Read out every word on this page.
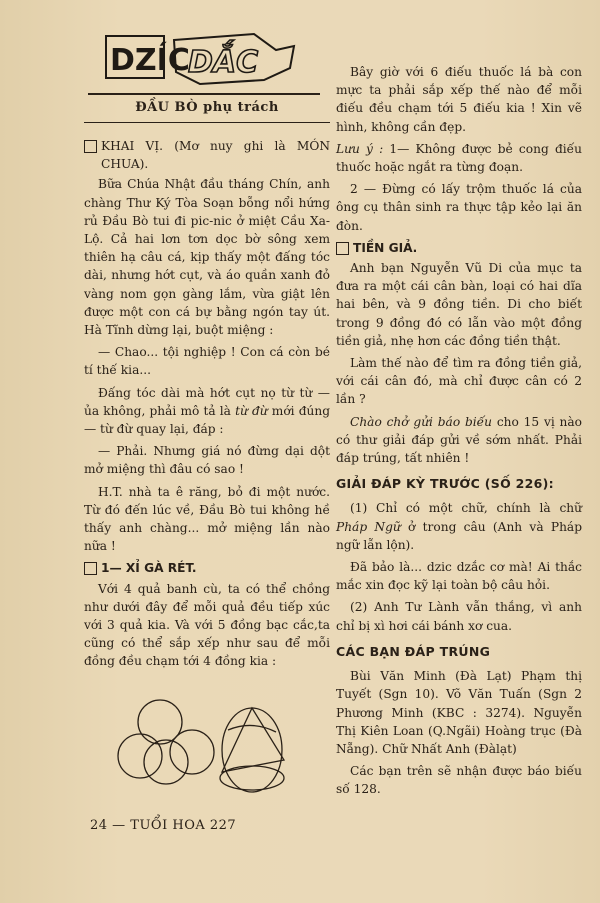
DZÍC
DẮC
ĐẦU BÒ phụ trách
KHAI VỊ. (Mơ nuy ghi là MÓN CHUA).

Bữa Chúa Nhật đầu tháng Chín, anh chàng Thư Ký Tòa Soạn bỗng nổi hứng rủ Đầu Bò tui đi pic-nic ở miệt Cầu Xa-Lộ. Cả hai lơn tơn dọc bờ sông xem thiên hạ câu cá, kịp thấy một đấng tóc dài, nhưng hớt cụt, và áo quần xanh đỏ vàng nom gọn gàng lắm, vừa giật lên được một con cá bự bằng ngón tay út. Hà Tĩnh dừng lại, buột miệng :

— Chao... tội nghiệp ! Con cá còn bé tí thế kia...

Đấng tóc dài mà hớt cụt nọ từ từ — ủa không, phải mô tả là từ đừ mới đúng — từ đừ quay lại, đáp :

— Phải. Nhưng giá nó đừng dại dột mở miệng thì đâu có sao !

H.T. nhà ta ê răng, bỏ đi một nước. Từ đó đến lúc về, Đầu Bò tui không hề thấy anh chàng... mở miệng lần nào nữa !

1— XỈ GÀ RÉT.

Với 4 quả banh cù, ta có thể chồng như dưới đây để mỗi quả đều tiếp xúc với 3 quả kia. Và với 5 đồng bạc cắc,ta cũng có thể sắp xếp như sau để mỗi đồng đều chạm tới 4 đồng kia :

Bây giờ với 6 điếu thuốc lá bà con mực ta phải sắp xếp thế nào để mỗi điếu đều chạm tới 5 điếu kia ! Xin vẽ hình, không cần đẹp.

Lưu ý : 1— Không được bẻ cong điếu thuốc hoặc ngắt ra từng đoạn.

2 — Đừng có lấy trộm thuốc lá của ông cụ thân sinh ra thực tập kẻo lại ăn đòn.

TIỀN GIẢ.

Anh bạn Nguyễn Vũ Di của mục ta đưa ra một cái cân bàn, loại có hai dĩa hai bên, và 9 đồng tiền. Di cho biết trong 9 đồng đó có lẫn vào một đồng tiền giả, nhẹ hơn các đồng tiền thật.

Làm thế nào để tìm ra đồng tiền giả, với cái cân đó, mà chỉ được cân có 2 lần ?

Chào chở gửi báo biếu cho 15 vị nào có thư giải đáp gửi về sớm nhất. Phải đáp trúng, tất nhiên !

GIẢI ĐÁP KỲ TRƯỚC (SỐ 226):

(1) Chỉ có một chữ, chính là chữ Pháp Ngữ ở trong câu (Anh và Pháp ngữ lẫn lộn).

Đã bảo là... dzic dzắc cơ mà! Ai thắc mắc xin đọc kỹ lại toàn bộ câu hỏi.

(2) Anh Tư Lành vẫn thắng, vì anh chỉ bị xì hơi cái bánh xơ cua.

CÁC BẠN ĐÁP TRÚNG

Bùi Văn Minh (Đà Lạt) Phạm thị Tuyết (Sgn 10). Võ Văn Tuấn (Sgn 2 Phương Minh (KBC : 3274). Nguyễn Thị Kiên Loan (Q.Ngãi) Hoàng trục (Đà Nẵng). Chữ Nhất Anh (Đàlạt)

Các bạn trên sẽ nhận được báo biếu số 128.

24 — TUỔI HOA 227
